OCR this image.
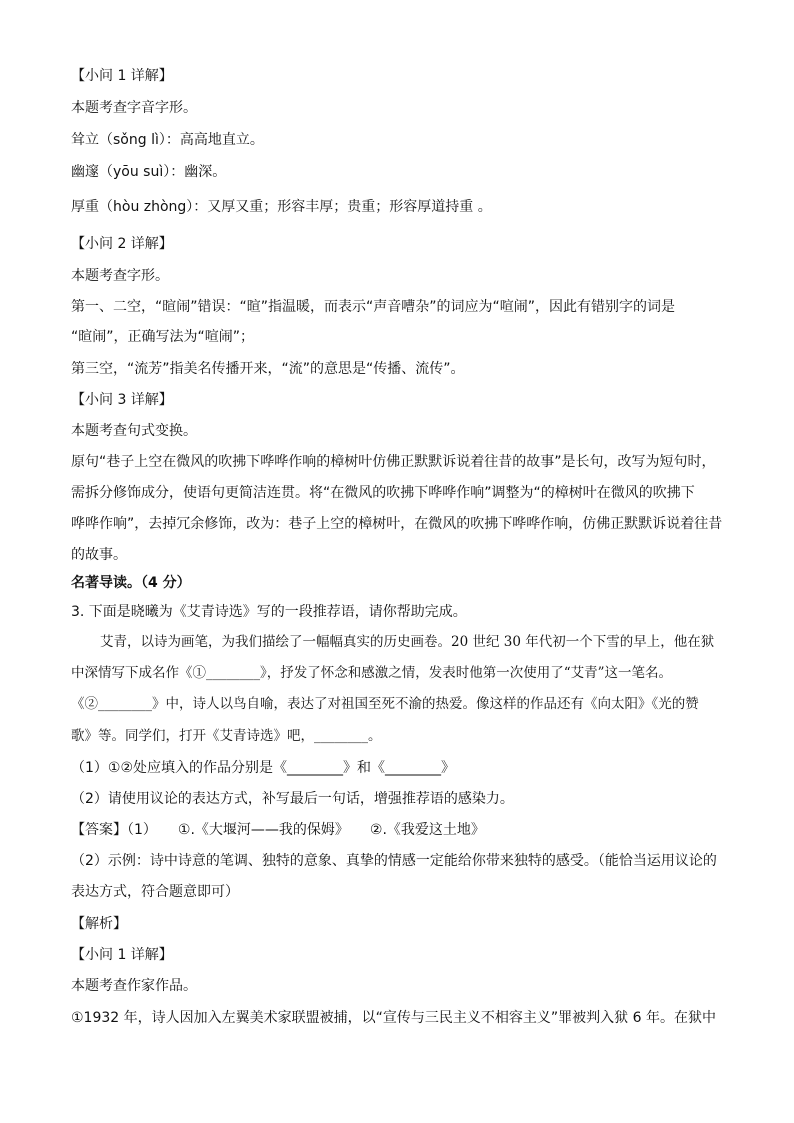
【小问 1 详解】
本题考查字音字形。
耸立（sǒng lì）：高高地直立。
幽邃（yōu suì）：幽深。
厚重（hòu zhòng）：又厚又重；形容丰厚；贵重；形容厚道持重 。
【小问 2 详解】
本题考查字形。
第一、二空，“暄闹”错误：“暄”指温暖，而表示“声音嘈杂”的词应为“喧闹”，因此有错别字的词是
“暄闹”，正确写法为“喧闹”；
第三空，“流芳”指美名传播开来，“流”的意思是“传播、流传”。
【小问 3 详解】
本题考查句式变换。
原句“巷子上空在微风的吹拂下哗哗作响的樟树叶仿佛正默默诉说着往昔的故事”是长句，改写为短句时，
需拆分修饰成分，使语句更简洁连贯。将“在微风的吹拂下哗哗作响”调整为“的樟树叶在微风的吹拂下
哗哗作响”，去掉冗余修饰，改为：巷子上空的樟树叶，在微风的吹拂下哗哗作响，仿佛正默默诉说着往昔
的故事。
名著导读。（4 分）
3. 下面是晓曦为《艾青诗选》写的一段推荐语，请你帮助完成。
艾青，以诗为画笔，为我们描绘了一幅幅真实的历史画卷。20 世纪 30 年代初一个下雪的早上，他在狱
中深情写下成名作《①________》，抒发了怀念和感激之情，发表时他第一次使用了“艾青”这一笔名。
《②________》中，诗人以鸟自喻，表达了对祖国至死不渝的热爱。像这样的作品还有《向太阳》《光的赞
歌》等。同学们，打开《艾青诗选》吧，________。
（1）①②处应填入的作品分别是《________》和《________》
（2）请使用议论的表达方式，补写最后一句话，增强推荐语的感染力。
【答案】（1）　　①.《大堰河——我的保姆》　　②.《我爱这土地》
（2）示例：诗中诗意的笔调、独特的意象、真挚的情感一定能给你带来独特的感受。（能恰当运用议论的
表达方式，符合题意即可）
【解析】
【小问 1 详解】
本题考查作家作品。
①1932 年，诗人因加入左翼美术家联盟被捕，以“宣传与三民主义不相容主义”罪被判入狱 6 年。在狱中
